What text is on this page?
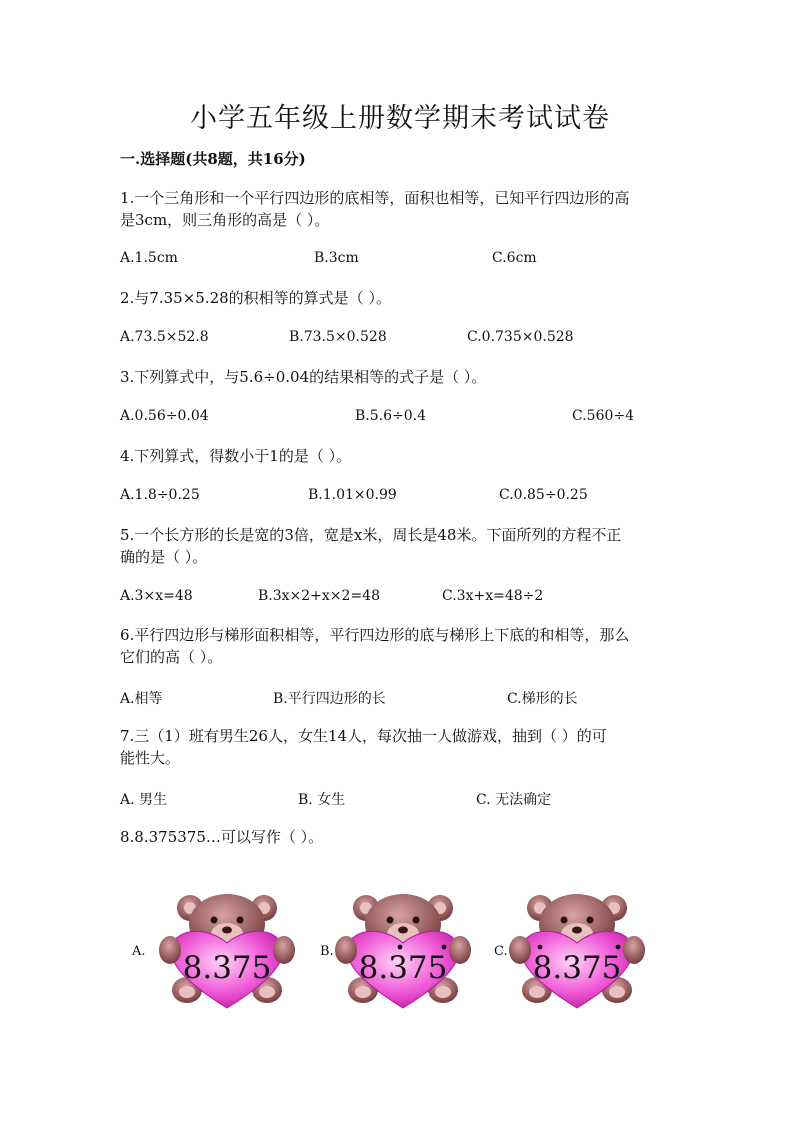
小学五年级上册数学期末考试试卷
一.选择题(共8题，共16分)
1.一个三角形和一个平行四边形的底相等，面积也相等，已知平行四边形的高
是3cm，则三角形的高是（ ）。
A.1.5cm	B.3cm	C.6cm
2.与7.35×5.28的积相等的算式是（ ）。
A.73.5×52.8	B.73.5×0.528	C.0.735×0.528
3.下列算式中，与5.6÷0.04的结果相等的式子是（ ）。
A.0.56÷0.04	B.5.6÷0.4	C.560÷4
4.下列算式，得数小于1的是（ ）。
A.1.8÷0.25	B.1.01×0.99	C.0.85÷0.25
5.一个长方形的长是宽的3倍，宽是x米，周长是48米。下面所列的方程不正
确的是（ ）。
A.3×x=48	B.3x×2+x×2=48	C.3x+x=48÷2
6.平行四边形与梯形面积相等，平行四边形的底与梯形上下底的和相等，那么
它们的高（ ）。
A.相等	B.平行四边形的长	C.梯形的长
7.三（1）班有男生26人，女生14人，每次抽一人做游戏，抽到（ ）的可
能性大。
A. 男生	B. 女生	C. 无法确定
8.8.375375…可以写作（ ）。
A.	B.	C.
8.375	8.375	8.375
